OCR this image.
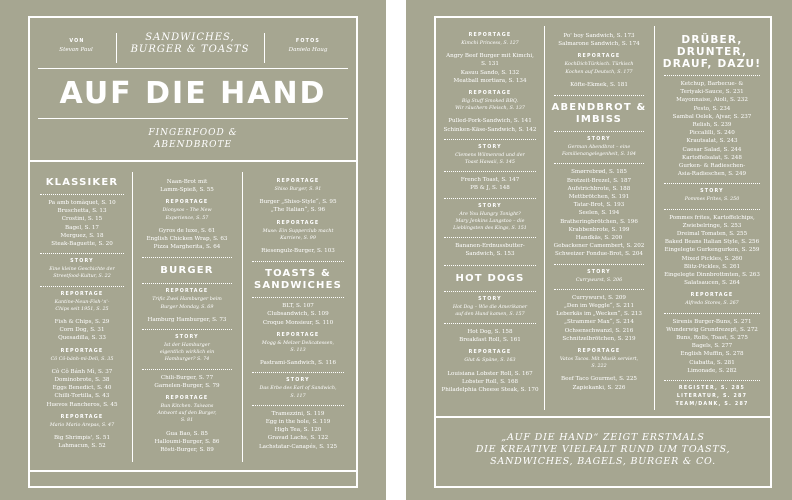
VON
Stevan Paul
SANDWICHES,
BURGER & TOASTS
FOTOS
Daniela Haug
AUF DIE HAND
FINGERFOOD &
ABENDBROTE
KLASSIKER
Pa amb tomàquet, S. 10
Bruschetta, S. 13
Crostini, S. 15
Bagel, S. 17
Merguez, S. 18
Steak-Baguette, S. 20
STORY
Eine kleine Geschichte der
Streetfood-Kultur, S. 22
REPORTAGE
Kantine-Neun-Fish-'n'-
Chips seit 1951, S. 25
Fish & Chips, S. 29
Corn Dog, S. 31
Quesadilla, S. 33
REPORTAGE
Cô Cô-bánh-mì-Deli, S. 35
Cô Cô Bánh Mì, S. 37
Dominobrote, S. 38
Eggs Benedict, S. 40
Chilli-Tortilla, S. 43
Huevos Rancheros, S. 45
REPORTAGE
Mario Mario Arepas, S. 47
Big Shrimpis', S. 51
Lahmacun, S. 52
Naan-Brot mit
Lamm-Spieß, S. 55
REPORTAGE
Dionysos – The New
Experience, S. 57
Gyros de luxe, S. 61
English Chicken Wrap, S. 63
Pizza Margherita, S. 64
BURGER
REPORTAGE
Trific Zwei Hamburger beim
Burger Monday, S. 69
Hamburg Hamburger, S. 73
STORY
Ist der Hamburger
eigentlich wirklich ein
Hamburger? S. 74
Chili-Burger, S. 77
Garnelen-Burger, S. 79
REPORTAGE
Bun Kitchen. Taiwans
Antwort auf den Burger,
S. 81
Gua Bao, S. 85
Halloumi-Burger, S. 86
Rösti-Burger, S. 89
REPORTAGE
Shiso Burger, S. 91
Burger „Shiso-Style“, S. 95
„The Italian“, S. 96
REPORTAGE
Muse: Ein Supperclub macht
Karriere, S. 99
Riesengulz-Burger, S. 103
TOASTS &
SANDWICHES
BLT, S. 107
Clubsandwich, S. 109
Croque Monsieur, S. 110
REPORTAGE
Mogg & Melzer Delicatessen,
S. 113
Pastrami-Sandwich, S. 116
STORY
Das Erbe des Earl of Sandwich,
S. 117
Tramezzini, S. 119
Egg in the hole, S. 119
High Tea, S. 120
Gravad Lachs, S. 122
Lachstatar-Canapés, S. 125
REPORTAGE
Kimchi Princess, S. 127
Angry Beef Burger mit Kimchi,
S. 131
Kasuu Sando, S. 132
Meatball mortiara, S. 134
REPORTAGE
Big Stuff Smoked BBQ.
Wir räuchern Fleisch, S. 137
Pulled-Pork-Sandwich, S. 141
Schinken-Käse-Sandwich, S. 142
STORY
Clemens Wilmenrod und der
Toast Hawaii, S. 145
French Toast, S. 147
PB & J, S. 148
STORY
Are You Hungry Tonight?
Mary Jenkins Langstoo – die
Lieblingsten des Kings, S. 151
Bananen-Erdnussbutter-
Sandwich, S. 153
HOT DOGS
STORY
Hot Dog – Wie die Amerikaner
auf den Hund kamen, S. 157
Hot Dog, S. 158
Breakfast Roll, S. 161
REPORTAGE
Glut & Späne, S. 163
Louisiana Lobster Roll, S. 167
Lobster Roll, S. 168
Philadelphia Cheese Steak, S. 170
Po' boy Sandwich, S. 173
Salmarone Sandwich, S. 174
REPORTAGE
KochDichTürkisch. Türkisch
Kochen auf Deutsch, S. 177
Köfte-Ekmek, S. 181
ABENDBROT &
IMBISS
STORY
German Abendbrot – eine
Familienangelegenheit, S. 184
Smørrebrød, S. 185
Brotzeit-Brezel, S. 187
Aufstrichbrote, S. 188
Mettbrötchen, S. 191
Tatar-Brot, S. 193
Seelen, S. 194
Bratheringbrötchen, S. 196
Krabbenbrote, S. 199
Handkäs, S. 200
Gebackener Camembert, S. 202
Schweizer Fondue-Brot, S. 204
STORY
Currywurst, S. 206
Currywurst, S. 209
„Den im Weggle“, S. 211
Leberkäs im „Wecken“, S. 213
„Strammer Max“, S. 214
Ochsenschwanzl, S. 216
Schnitzelbrötchen, S. 219
REPORTAGE
Vatos Tacos. Mit Musik serviert,
S. 222
Beef Taco Gourmet, S. 225
Zapiekanki, S. 226
DRÜBER,
DRUNTER,
DRAUF, DAZU!
Ketchup, Barbecue- &
Teriyaki-Sauce, S. 231
Mayonnaise, Aioli, S. 232
Pesto, S. 234
Sambal Oelek, Ajvar, S. 237
Relish, S. 239
Piccalilli, S. 240
Krautsalat, S. 243
Caesar Salad, S. 244
Kartoffelsalat, S. 248
Gurken- & Radieschen-
Asia-Radieschen, S. 249
STORY
Pommes Frites, S. 250
Pommes frites, Kartoffelchips,
Zwiebelringe, S. 253
Dreimal Tomaten, S. 255
Baked Beans Italian Style, S. 256
Eingelegte Gurkengurken, S. 259
Mixed Pickles, S. 260
Blitz-Pickles, S. 261
Eingelegte Dinnbrottmten, S. 263
Salatsaucen, S. 264
REPORTAGE
Alfredo Stores, S. 267
Sirenis Burger-Buns, S. 271
Wunderwig Grundrezept, S. 272
Buns, Rolls, Toast, S. 275
Bagels, S. 277
English Muffin, S. 278
Ciabatta, S. 281
Limonade, S. 282
REGISTER, S. 285
LITERATUR, S. 287
TEAM/DANK, S. 287
„AUF DIE HAND“ ZEIGT ERSTMALS
DIE KREATIVE VIELFALT RUND UM TOASTS,
SANDWICHES, BAGELS, BURGER & CO.
